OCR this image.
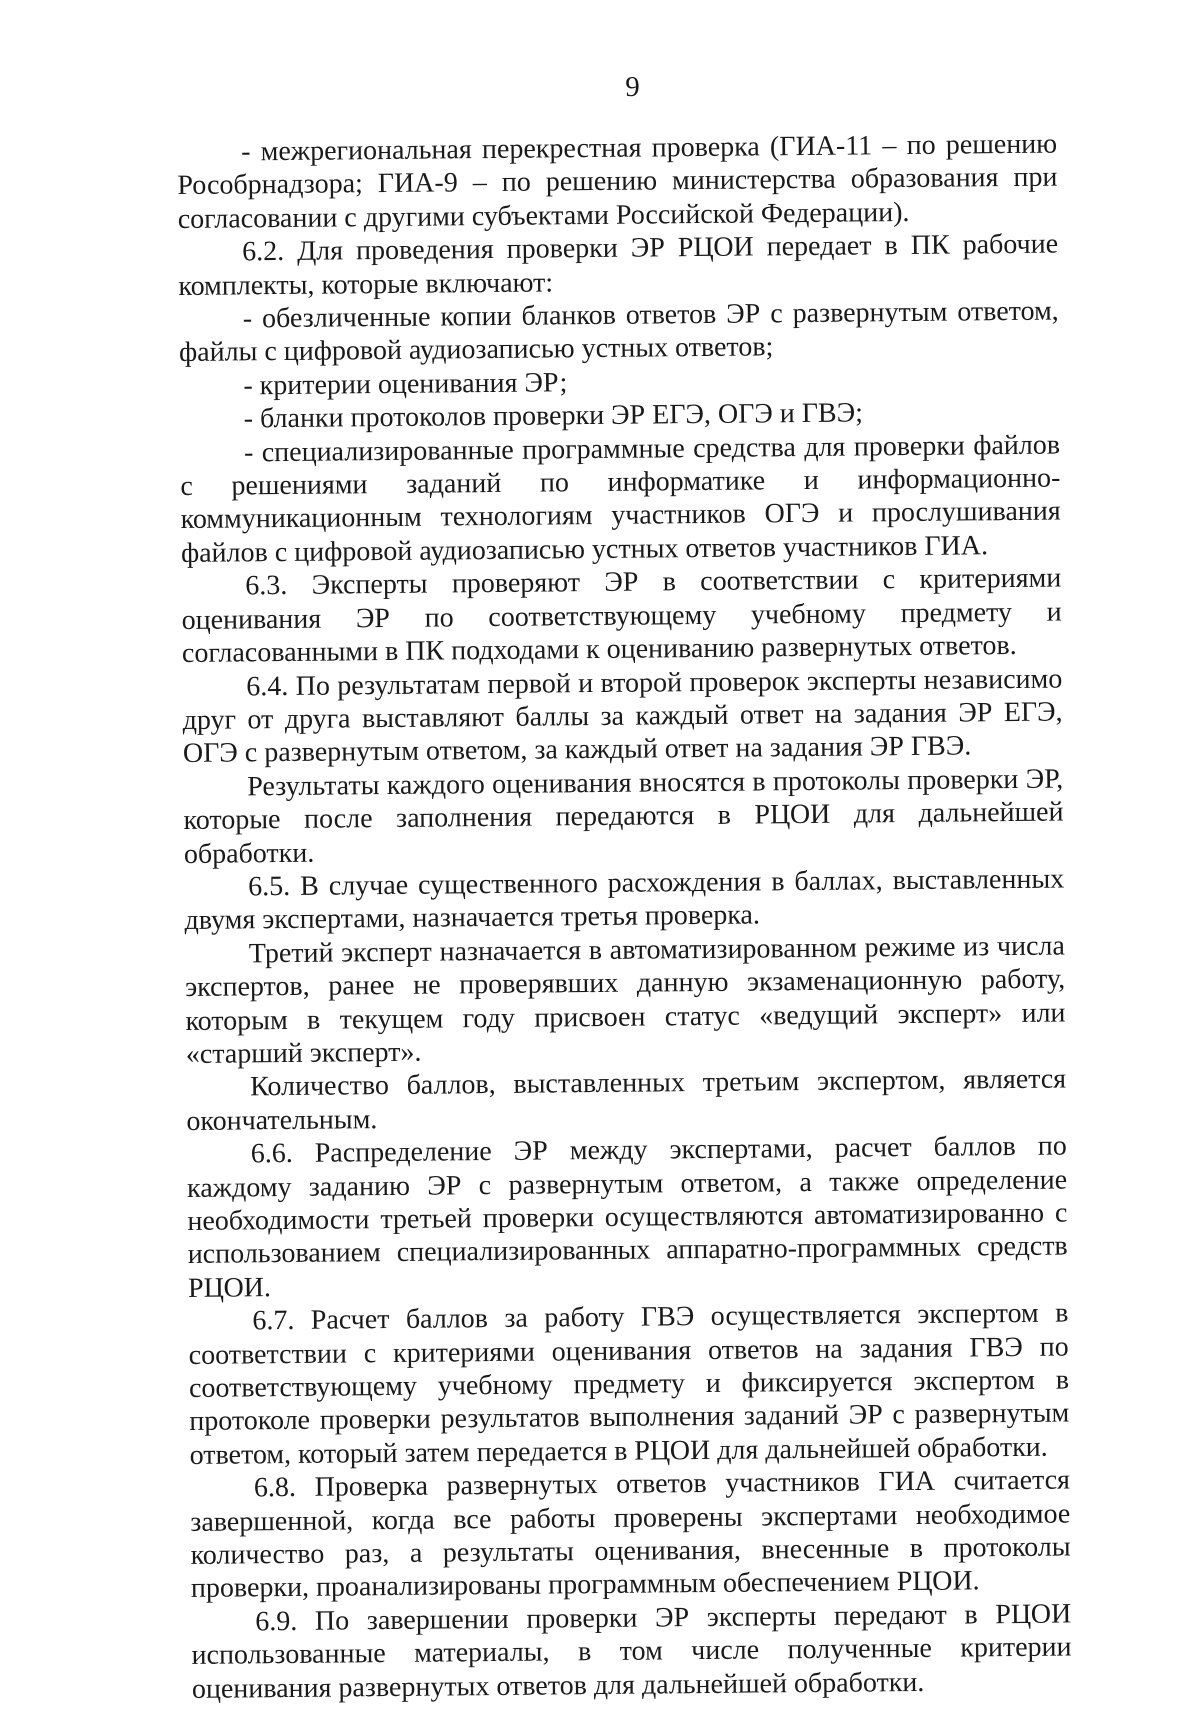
9

- межрегиональная перекрестная проверка (ГИА-11 – по решению Рособрнадзора; ГИА-9 – по решению министерства образования при согласовании с другими субъектами Российской Федерации).

6.2. Для проведения проверки ЭР РЦОИ передает в ПК рабочие комплекты, которые включают:

- обезличенные копии бланков ответов ЭР с развернутым ответом, файлы с цифровой аудиозаписью устных ответов;

- критерии оценивания ЭР;

- бланки протоколов проверки ЭР ЕГЭ, ОГЭ и ГВЭ;

- специализированные программные средства для проверки файлов с решениями заданий по информатике и информационно-коммуникационным технологиям участников ОГЭ и прослушивания файлов с цифровой аудиозаписью устных ответов участников ГИА.

6.3. Эксперты проверяют ЭР в соответствии с критериями оценивания ЭР по соответствующему учебному предмету и согласованными в ПК подходами к оцениванию развернутых ответов.

6.4. По результатам первой и второй проверок эксперты независимо друг от друга выставляют баллы за каждый ответ на задания ЭР ЕГЭ, ОГЭ с развернутым ответом, за каждый ответ на задания ЭР ГВЭ.

Результаты каждого оценивания вносятся в протоколы проверки ЭР, которые после заполнения передаются в РЦОИ для дальнейшей обработки.

6.5. В случае существенного расхождения в баллах, выставленных двумя экспертами, назначается третья проверка.

Третий эксперт назначается в автоматизированном режиме из числа экспертов, ранее не проверявших данную экзаменационную работу, которым в текущем году присвоен статус «ведущий эксперт» или «старший эксперт».

Количество баллов, выставленных третьим экспертом, является окончательным.

6.6. Распределение ЭР между экспертами, расчет баллов по каждому заданию ЭР с развернутым ответом, а также определение необходимости третьей проверки осуществляются автоматизированно с использованием специализированных аппаратно-программных средств РЦОИ.

6.7. Расчет баллов за работу ГВЭ осуществляется экспертом в соответствии с критериями оценивания ответов на задания ГВЭ по соответствующему учебному предмету и фиксируется экспертом в протоколе проверки результатов выполнения заданий ЭР с развернутым ответом, который затем передается в РЦОИ для дальнейшей обработки.

6.8. Проверка развернутых ответов участников ГИА считается завершенной, когда все работы проверены экспертами необходимое количество раз, а результаты оценивания, внесенные в протоколы проверки, проанализированы программным обеспечением РЦОИ.

6.9. По завершении проверки ЭР эксперты передают в РЦОИ использованные материалы, в том числе полученные критерии оценивания развернутых ответов для дальнейшей обработки.
